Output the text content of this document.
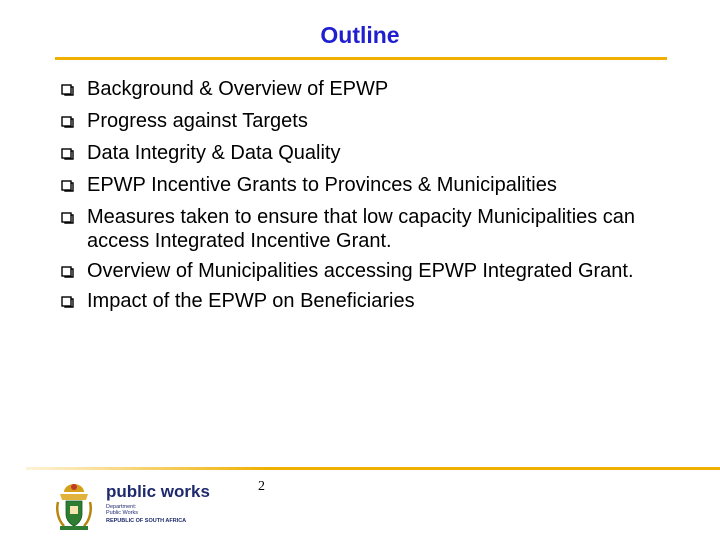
Outline
Background & Overview of EPWP
Progress against Targets
Data Integrity & Data Quality
EPWP Incentive Grants to Provinces & Municipalities
Measures taken to ensure that low capacity Municipalities can access Integrated Incentive Grant.
Overview of Municipalities accessing EPWP Integrated Grant.
Impact of the EPWP on Beneficiaries
public works
Department:
Public Works
REPUBLIC OF SOUTH AFRICA
2
